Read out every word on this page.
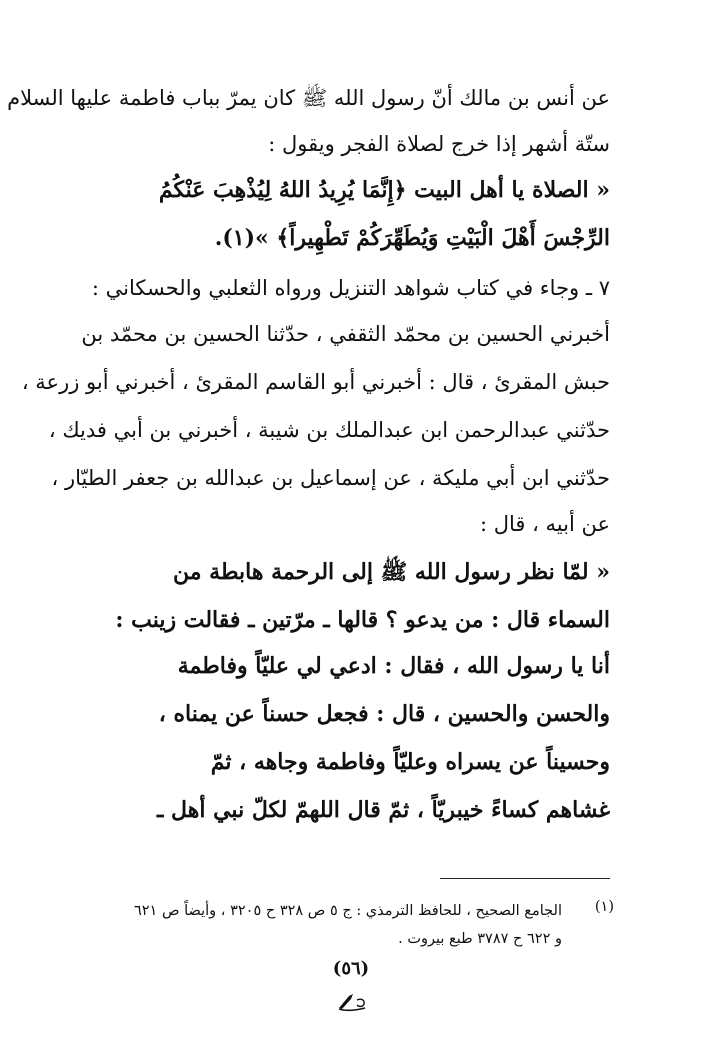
عن أنس بن مالك أنّ رسول الله ﷺ كان يمرّ بباب فاطمة عليها السلام
ستّة أشهر إذا خرج لصلاة الفجر ويقول :
« الصلاة يا أهل البيت ﴿إِنَّمَا يُرِيدُ اللهُ لِيُذْهِبَ عَنْكُمُ
الرِّجْسَ أَهْلَ الْبَيْتِ وَيُطَهِّرَكُمْ تَطْهِيراً﴾ »(١).
٧ ـ وجاء في كتاب شواهد التنزيل ورواه الثعلبي والحسكاني :
أخبرني الحسين بن محمّد الثقفي ، حدّثنا الحسين بن محمّد بن
حبش المقرئ ، قال : أخبرني أبو القاسم المقرئ ، أخبرني أبو زرعة ،
حدّثني عبدالرحمن ابن عبدالملك بن شيبة ، أخبرني بن أبي فديك ،
حدّثني ابن أبي مليكة ، عن إسماعيل بن عبدالله بن جعفر الطيّار ،
عن أبيه ، قال :
« لمّا نظر رسول الله ﷺ إلى الرحمة هابطة من
السماء قال : من يدعو ؟ قالها ـ مرّتين ـ فقالت زينب :
أنا يا رسول الله ، فقال : ادعي لي عليّاً وفاطمة
والحسن والحسين ، قال : فجعل حسناً عن يمناه ،
وحسيناً عن يسراه وعليّاً وفاطمة وجاهه ، ثمّ
غشاهم كساءً خيبريّاً ، ثمّ قال اللهمّ لكلّ نبي أهل ـ
(١)
الجامع الصحيح ، للحافظ الترمذي : ج ٥ ص ٣٢٨ ح ٣٢٠٥ ، وأيضاً ص ٦٢١
و ٦٢٢ ح ٣٧٨٧ طبع بيروت .
(٥٦)
